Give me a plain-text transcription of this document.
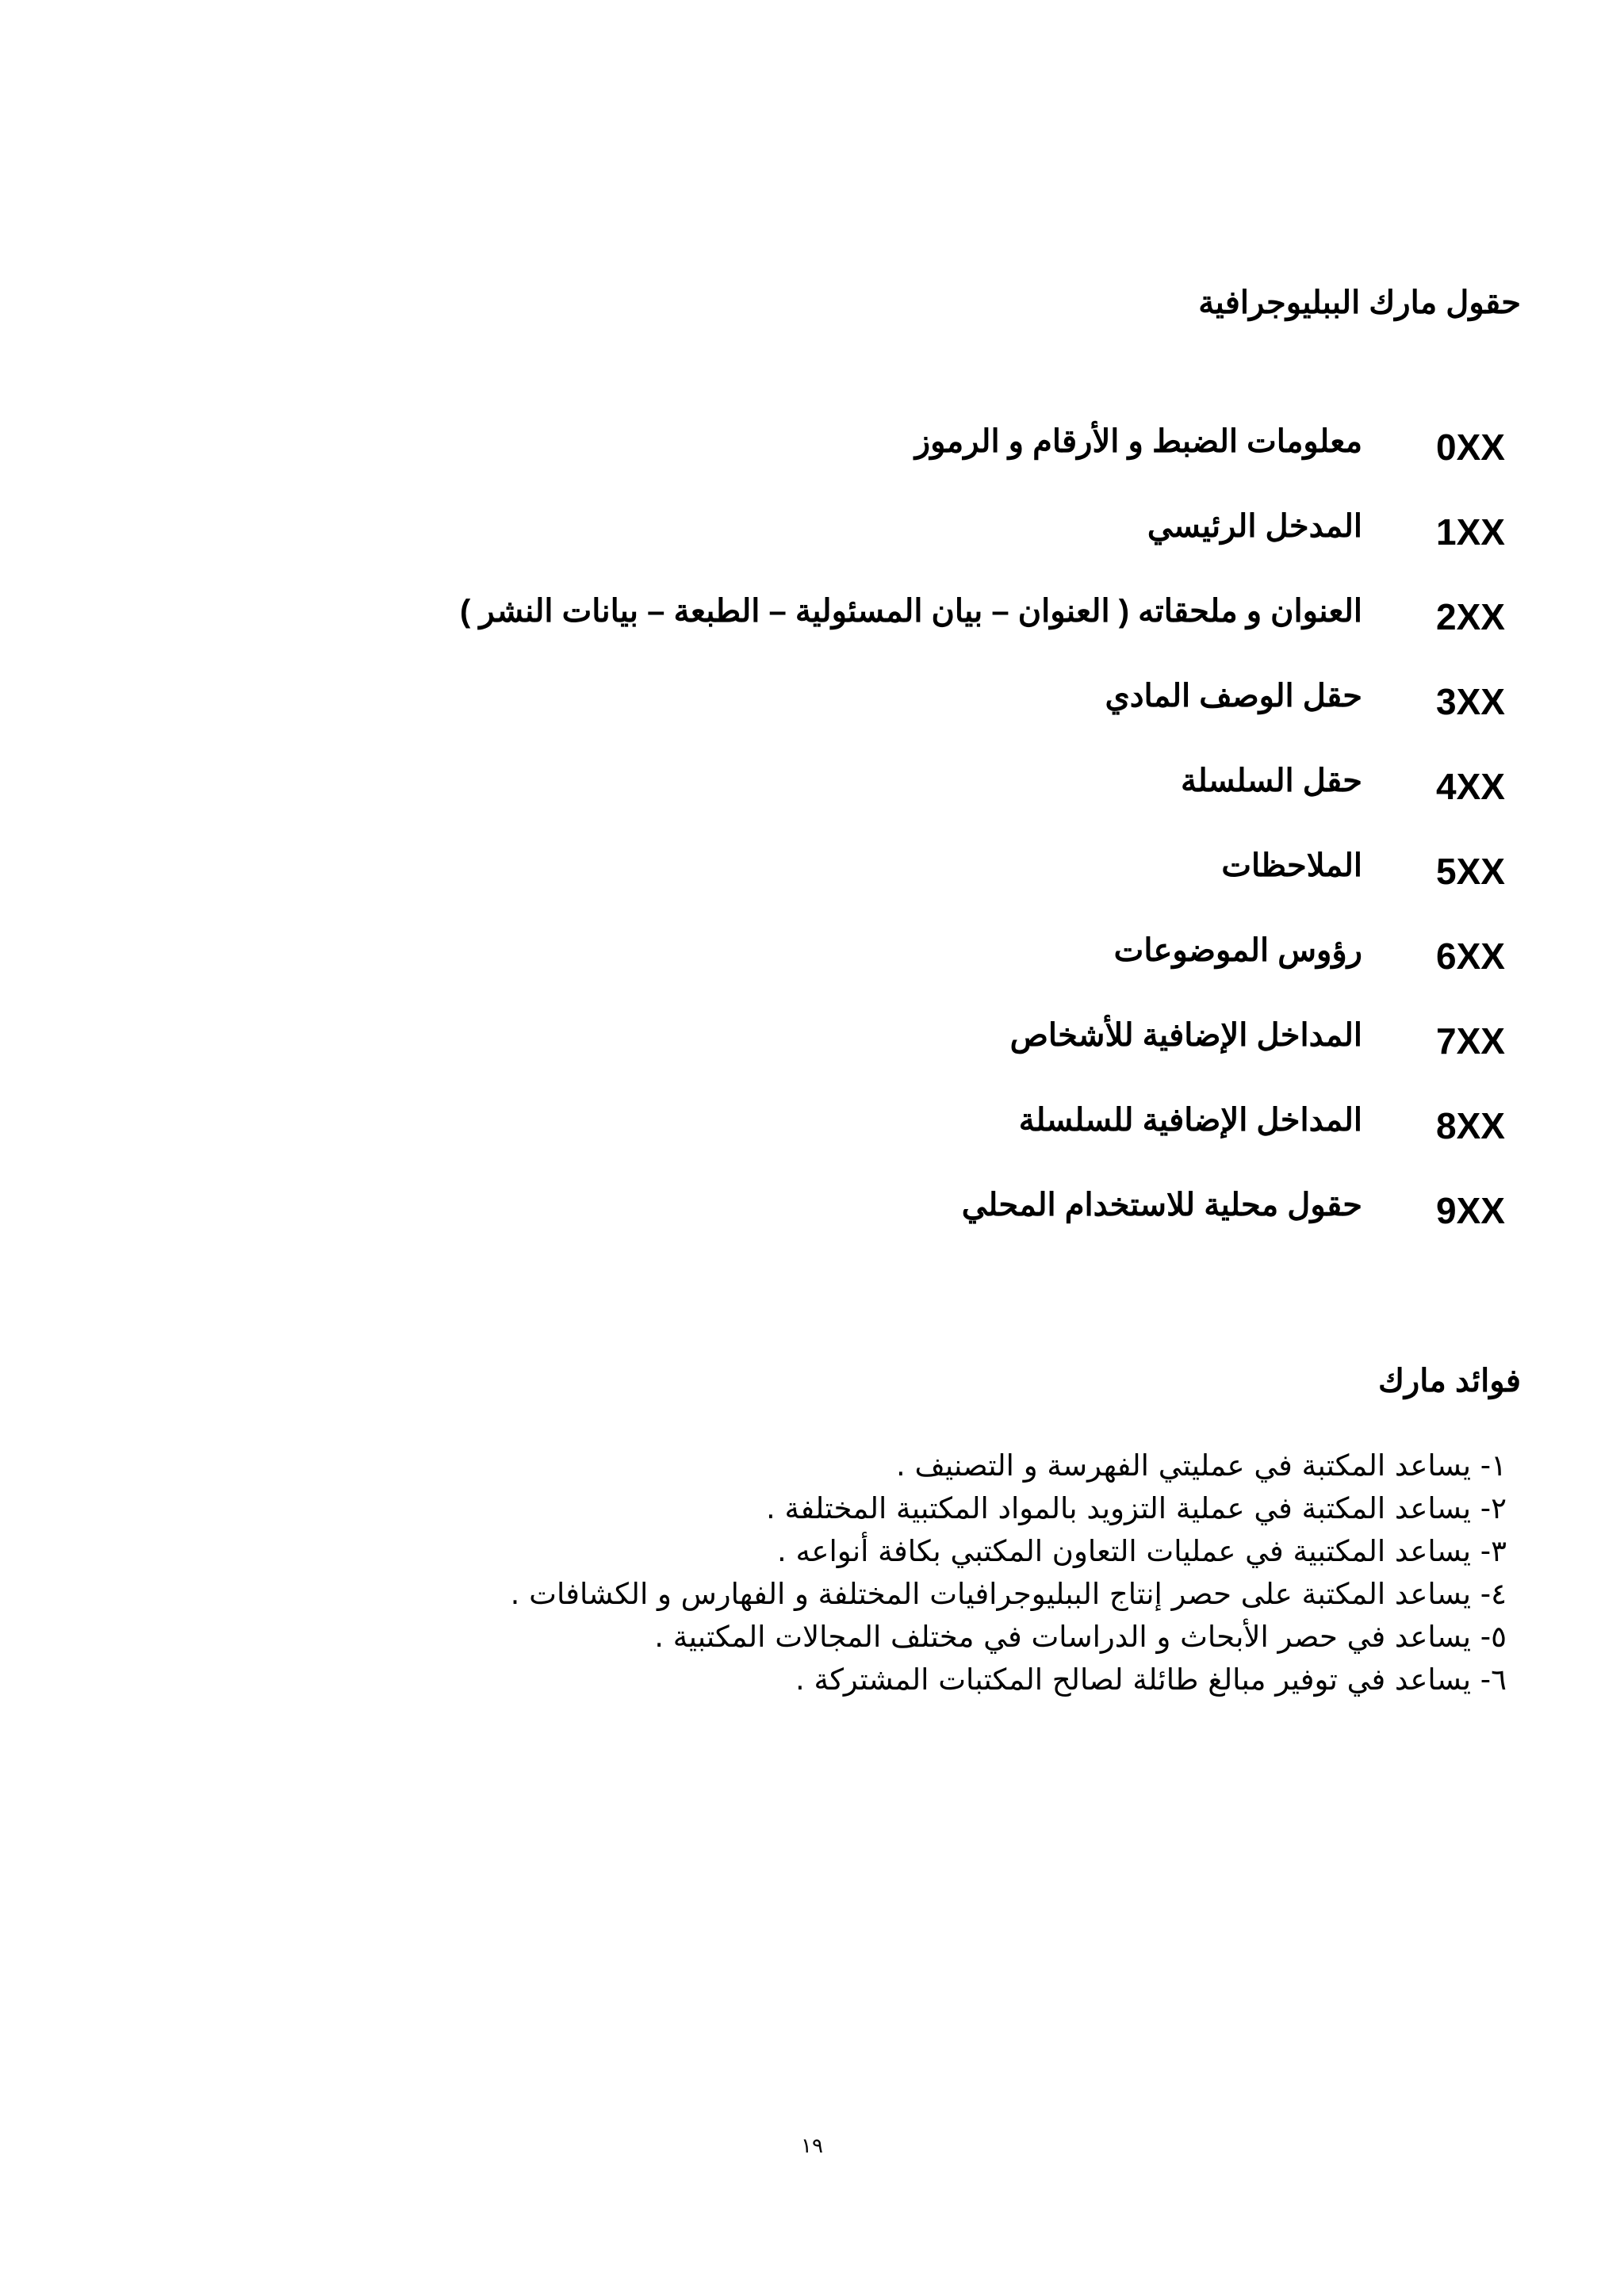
حقول مارك الببليوجرافية
0XX
معلومات الضبط و الأرقام و الرموز
1XX
المدخل الرئيسي
2XX
العنوان و ملحقاته ( العنوان – بيان المسئولية – الطبعة – بيانات النشر )
3XX
حقل الوصف المادي
4XX
حقل السلسلة
5XX
الملاحظات
6XX
رؤوس الموضوعات
7XX
المداخل الإضافية للأشخاص
8XX
المداخل الإضافية للسلسلة
9XX
حقول محلية للاستخدام المحلي
فوائد مارك
١- يساعد المكتبة في عمليتي الفهرسة و التصنيف .
٢- يساعد المكتبة في عملية التزويد بالمواد المكتبية المختلفة .
٣- يساعد المكتبية في عمليات التعاون المكتبي بكافة أنواعه .
٤- يساعد المكتبة على حصر إنتاج الببليوجرافيات المختلفة و الفهارس و الكشافات .
٥- يساعد في حصر الأبحاث و الدراسات في مختلف المجالات المكتبية .
٦- يساعد في توفير مبالغ طائلة لصالح المكتبات المشتركة .
١٩
